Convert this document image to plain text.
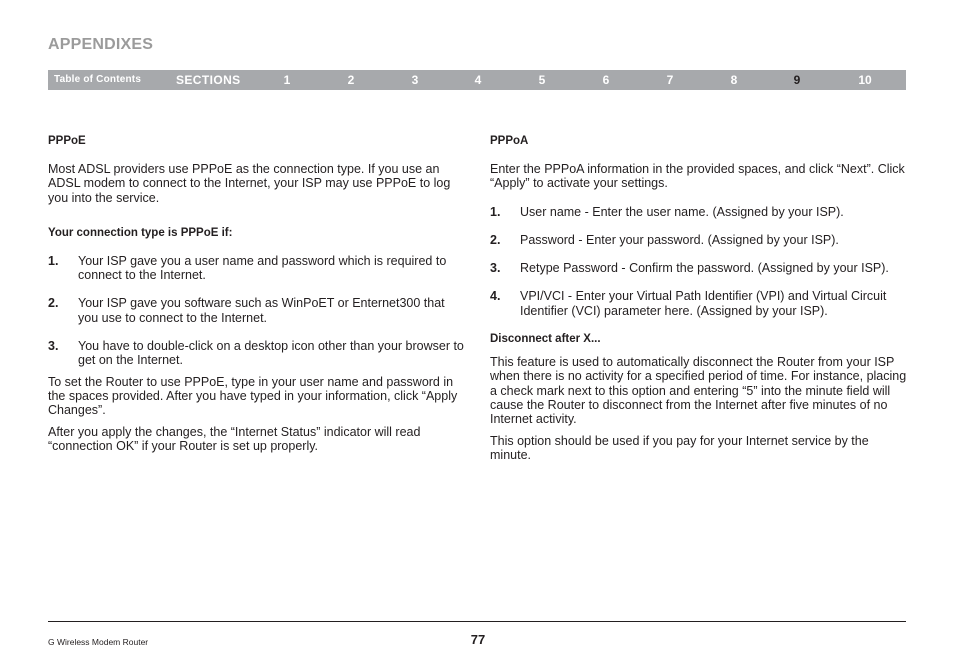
APPENDIXES
Table of Contents	SECTIONS	1	2	3	4	5	6	7	8	9	10
PPPoE

Most ADSL providers use PPPoE as the connection type. If you use an ADSL modem to connect to the Internet, your ISP may use PPPoE to log you into the service.

Your connection type is PPPoE if:
1. Your ISP gave you a user name and password which is required to connect to the Internet.
2. Your ISP gave you software such as WinPoET or Enternet300 that you use to connect to the Internet.
3. You have to double-click on a desktop icon other than your browser to get on the Internet.

To set the Router to use PPPoE, type in your user name and password in the spaces provided. After you have typed in your information, click “Apply Changes”.

After you apply the changes, the “Internet Status” indicator will read “connection OK” if your Router is set up properly.

PPPoA

Enter the PPPoA information in the provided spaces, and click “Next”. Click “Apply” to activate your settings.

1. User name - Enter the user name. (Assigned by your ISP).
2. Password - Enter your password. (Assigned by your ISP).
3. Retype Password - Confirm the password. (Assigned by your ISP).
4. VPI/VCI - Enter your Virtual Path Identifier (VPI) and Virtual Circuit Identifier (VCI) parameter here. (Assigned by your ISP).
Disconnect after X...

This feature is used to automatically disconnect the Router from your ISP when there is no activity for a specified period of time. For instance, placing a check mark next to this option and entering “5” into the minute field will cause the Router to disconnect from the Internet after five minutes of no Internet activity.

This option should be used if you pay for your Internet service by the minute.

G Wireless Modem Router	77
